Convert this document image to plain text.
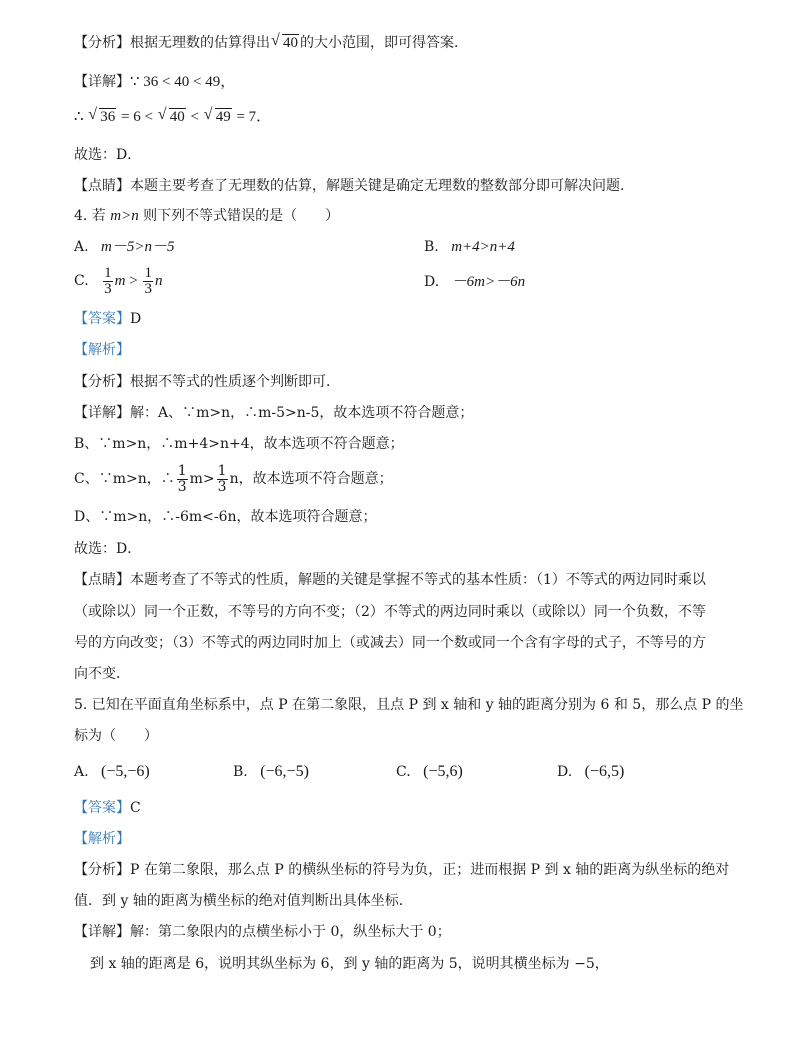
【分析】根据无理数的估算得出√ 40 的大小范围，即可得答案．
【详解】∵ 36 < 40 < 49，
∴ √ 36 = 6 < √ 40 < √ 49 = 7．
故选：D．
【点睛】本题主要考查了无理数的估算，解题关键是确定无理数的整数部分即可解决问题．
4. 若 m>n 则下列不等式错误的是（　　）
A. m－5>n－5	B. m+4>n+4
C. $\frac{1}{3}$ $m > \frac{1}{3}$ n	D. －6m>－6n
【答案】D
【解析】
【分析】根据不等式的性质逐个判断即可．
【详解】解：A、∵m>n，∴m-5>n-5，故本选项不符合题意；
B、∵m>n，∴m+4>n+4，故本选项不符合题意；
C、∵m>n，∴ $\frac{1}{3} m> \frac{1}{3}$ n，故本选项不符合题意；
D、∵m>n，∴-6m<-6n，故本选项符合题意；
故选：D．
【点睛】本题考查了不等式的性质，解题的关键是掌握不等式的基本性质：（1）不等式的两边同时乘以
（或除以）同一个正数，不等号的方向不变；（2）不等式的两边同时乘以（或除以）同一个负数，不等
号的方向改变；（3）不等式的两边同时加上（或减去）同一个数或同一个含有字母的式子，不等号的方
向不变．
5. 已知在平面直角坐标系中，点 P 在第二象限，且点 P 到 x 轴和 y 轴的距离分别为 6 和 5，那么点 P 的坐
标为（　　）
A. (−5,−6)	B. (−6,−5)	C. (−5,6)	D. (−6,5)
【答案】C
【解析】
【分析】P 在第二象限，那么点 P 的横纵坐标的符号为负，正；进而根据 P 到 x 轴的距离为纵坐标的绝对
值．到 y 轴的距离为横坐标的绝对值判断出具体坐标．
【详解】解：第二象限内的点横坐标小于 0，纵坐标大于 0；
到 x 轴的距离是 6，说明其纵坐标为 6，到 y 轴的距离为 5，说明其横坐标为 −5，
